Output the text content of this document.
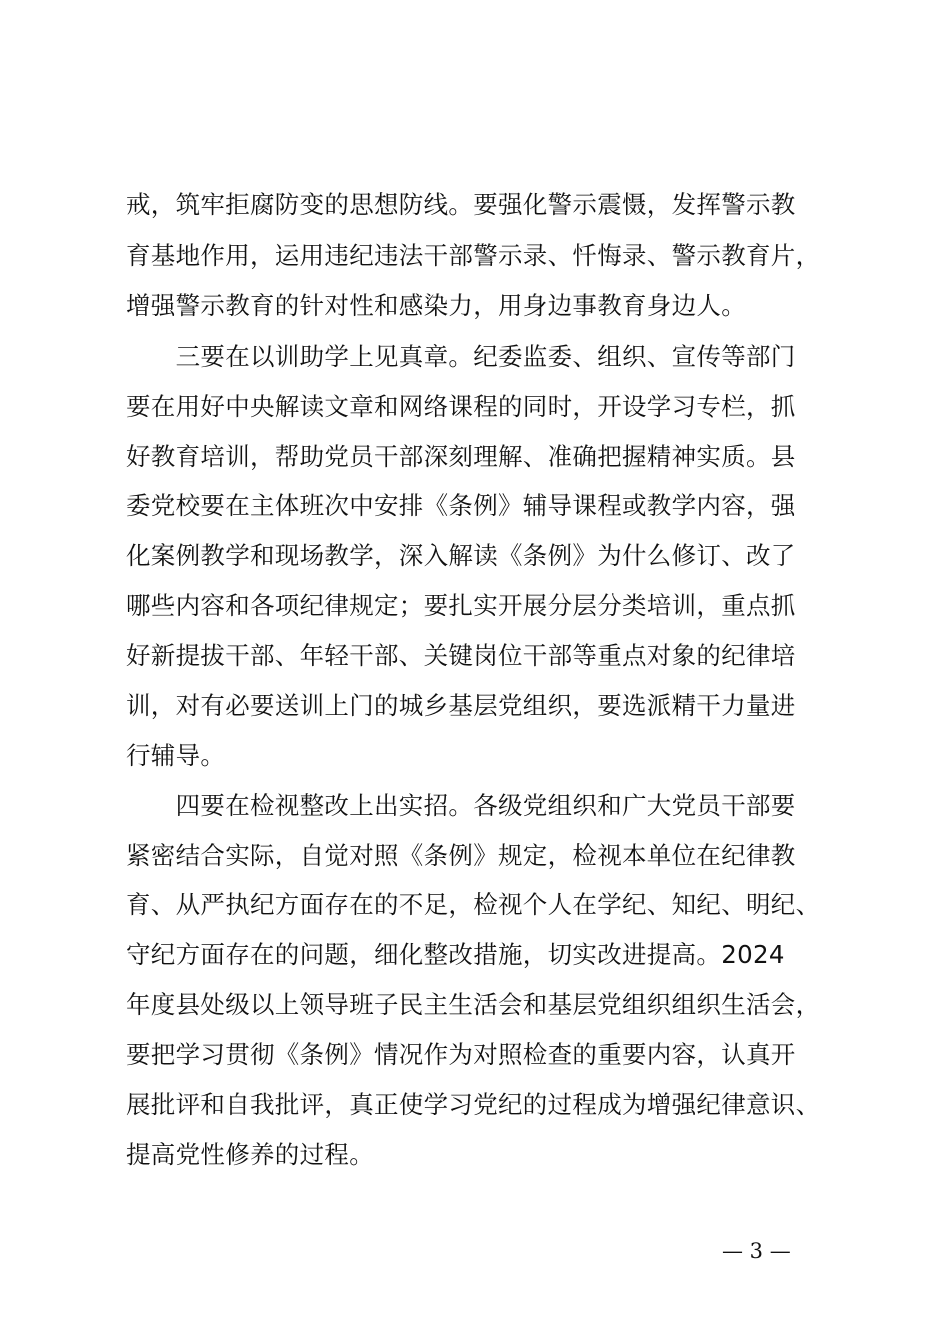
戒，筑牢拒腐防变的思想防线。要强化警示震慑，发挥警示教
育基地作用，运用违纪违法干部警示录、忏悔录、警示教育片，
增强警示教育的针对性和感染力，用身边事教育身边人。
　　三要在以训助学上见真章。纪委监委、组织、宣传等部门
要在用好中央解读文章和网络课程的同时，开设学习专栏，抓
好教育培训，帮助党员干部深刻理解、准确把握精神实质。县
委党校要在主体班次中安排《条例》辅导课程或教学内容，强
化案例教学和现场教学，深入解读《条例》为什么修订、改了
哪些内容和各项纪律规定；要扎实开展分层分类培训，重点抓
好新提拔干部、年轻干部、关键岗位干部等重点对象的纪律培
训，对有必要送训上门的城乡基层党组织，要选派精干力量进
行辅导。
　　四要在检视整改上出实招。各级党组织和广大党员干部要
紧密结合实际，自觉对照《条例》规定，检视本单位在纪律教
育、从严执纪方面存在的不足，检视个人在学纪、知纪、明纪、
守纪方面存在的问题，细化整改措施，切实改进提高。2024
年度县处级以上领导班子民主生活会和基层党组织组织生活会，
要把学习贯彻《条例》情况作为对照检查的重要内容，认真开
展批评和自我批评，真正使学习党纪的过程成为增强纪律意识、
提高党性修养的过程。
— 3 —
